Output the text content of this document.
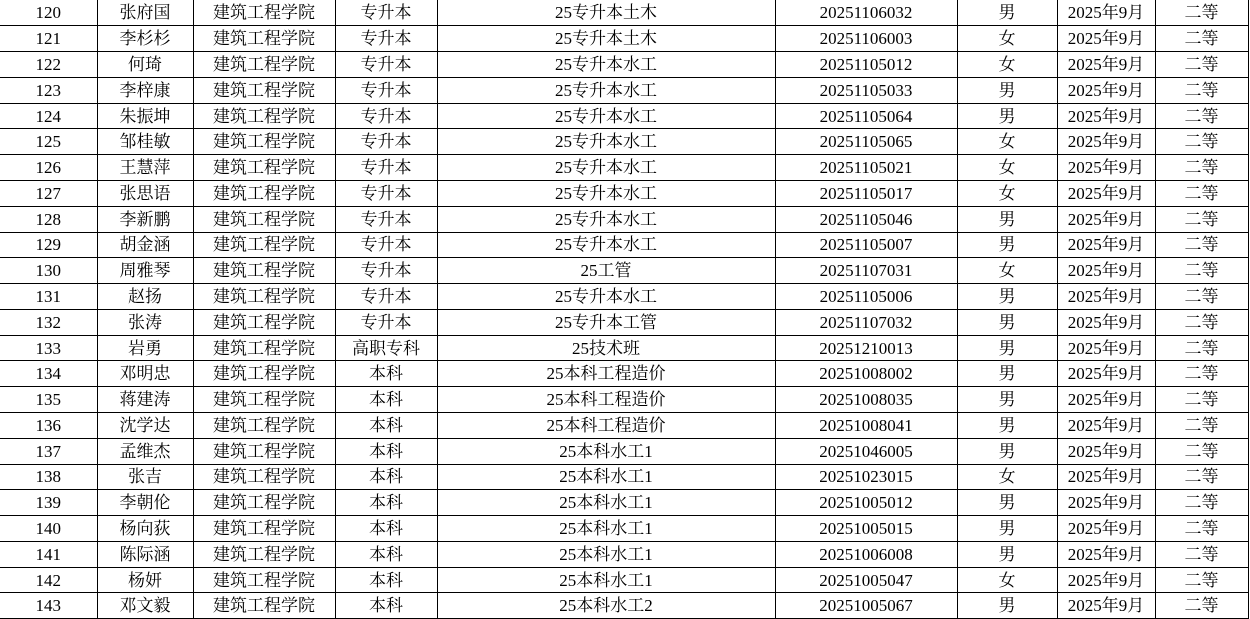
120	张府国	建筑工程学院	专升本	25专升本土木	20251106032	男	2025年9月	二等
121	李杉杉	建筑工程学院	专升本	25专升本土木	20251106003	女	2025年9月	二等
122	何琦	建筑工程学院	专升本	25专升本水工	20251105012	女	2025年9月	二等
123	李梓康	建筑工程学院	专升本	25专升本水工	20251105033	男	2025年9月	二等
124	朱振坤	建筑工程学院	专升本	25专升本水工	20251105064	男	2025年9月	二等
125	邹桂敏	建筑工程学院	专升本	25专升本水工	20251105065	女	2025年9月	二等
126	王慧萍	建筑工程学院	专升本	25专升本水工	20251105021	女	2025年9月	二等
127	张思语	建筑工程学院	专升本	25专升本水工	20251105017	女	2025年9月	二等
128	李新鹏	建筑工程学院	专升本	25专升本水工	20251105046	男	2025年9月	二等
129	胡金涵	建筑工程学院	专升本	25专升本水工	20251105007	男	2025年9月	二等
130	周雅琴	建筑工程学院	专升本	25工管	20251107031	女	2025年9月	二等
131	赵扬	建筑工程学院	专升本	25专升本水工	20251105006	男	2025年9月	二等
132	张涛	建筑工程学院	专升本	25专升本工管	20251107032	男	2025年9月	二等
133	岩勇	建筑工程学院	高职专科	25技术班	20251210013	男	2025年9月	二等
134	邓明忠	建筑工程学院	本科	25本科工程造价	20251008002	男	2025年9月	二等
135	蒋建涛	建筑工程学院	本科	25本科工程造价	20251008035	男	2025年9月	二等
136	沈学达	建筑工程学院	本科	25本科工程造价	20251008041	男	2025年9月	二等
137	孟维杰	建筑工程学院	本科	25本科水工1	20251046005	男	2025年9月	二等
138	张吉	建筑工程学院	本科	25本科水工1	20251023015	女	2025年9月	二等
139	李朝伦	建筑工程学院	本科	25本科水工1	20251005012	男	2025年9月	二等
140	杨向荻	建筑工程学院	本科	25本科水工1	20251005015	男	2025年9月	二等
141	陈际涵	建筑工程学院	本科	25本科水工1	20251006008	男	2025年9月	二等
142	杨妍	建筑工程学院	本科	25本科水工1	20251005047	女	2025年9月	二等
143	邓文毅	建筑工程学院	本科	25本科水工2	20251005067	男	2025年9月	二等
